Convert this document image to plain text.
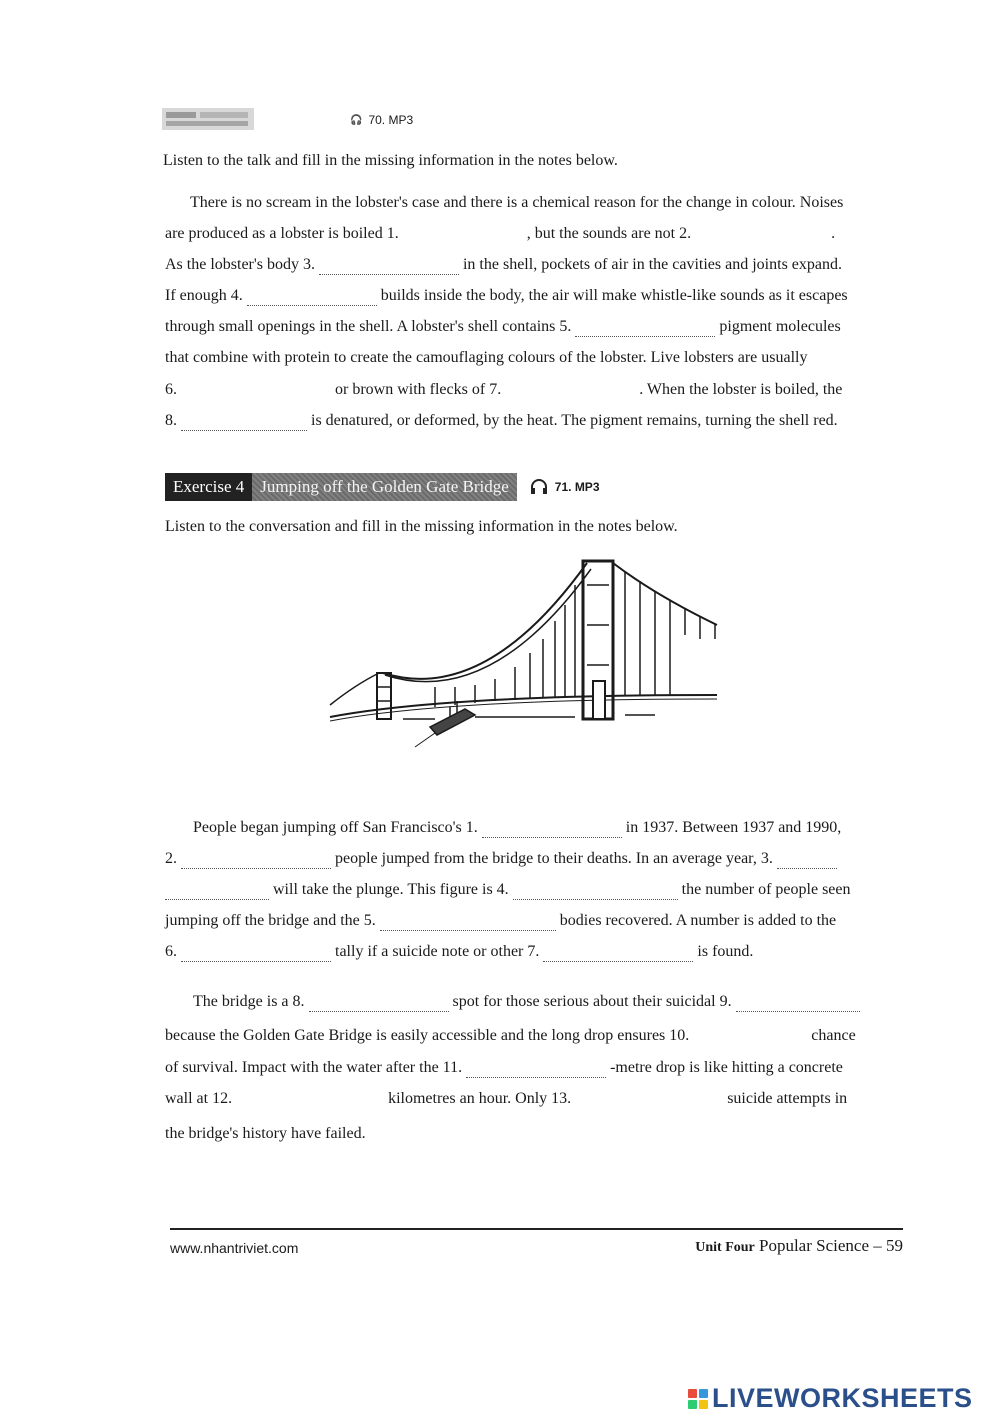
🎧 70. MP3
Listen to the talk and fill in the missing information in the notes below.
There is no scream in the lobster's case and there is a chemical reason for the change in colour. Noises
are produced as a lobster is boiled 1.	, but the sounds are not 2.	.
As the lobster's body 3.	in the shell, pockets of air in the cavities and joints expand.
If enough 4.	builds inside the body, the air will make whistle-like sounds as it escapes
through small openings in the shell. A lobster's shell contains 5.	pigment molecules
that combine with protein to create the camouflaging colours of the lobster. Live lobsters are usually
6.	or brown with flecks of 7.	. When the lobster is boiled, the
8.	is denatured, or deformed, by the heat. The pigment remains, turning the shell red.
Exercise 4 Jumping off the Golden Gate Bridge	71. MP3
Listen to the conversation and fill in the missing information in the notes below.
People began jumping off San Francisco's 1.	in 1937. Between 1937 and 1990,
2.	people jumped from the bridge to their deaths. In an average year, 3.
will take the plunge. This figure is 4.	the number of people seen
jumping off the bridge and the 5.	bodies recovered. A number is added to the
6.	tally if a suicide note or other 7.	is found.
The bridge is a 8.	spot for those serious about their suicidal 9.
because the Golden Gate Bridge is easily accessible and the long drop ensures 10.	chance
of survival. Impact with the water after the 11.	-metre drop is like hitting a concrete
wall at 12.	kilometres an hour. Only 13.	suicide attempts in
the bridge's history have failed.
www.nhantriviet.com	Unit Four Popular Science – 59
LIVEWORKSHEETS
